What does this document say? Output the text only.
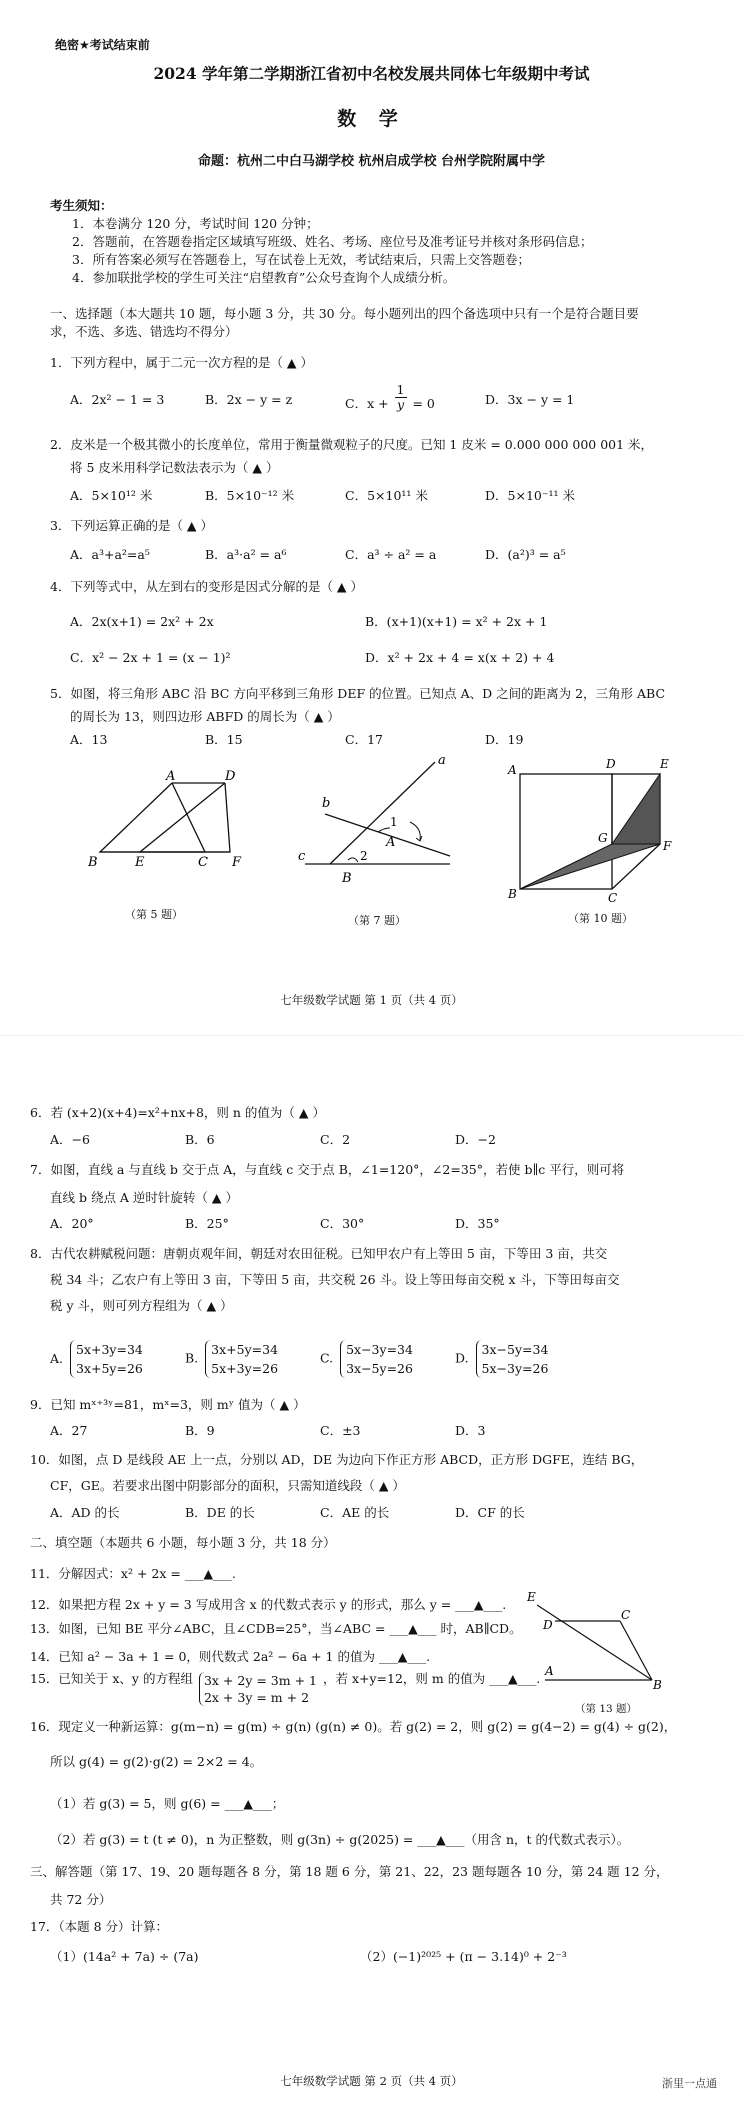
绝密★考试结束前
2024 学年第二学期浙江省初中名校发展共同体七年级期中考试
数 学
命题：杭州二中白马湖学校 杭州启成学校 台州学院附属中学
考生须知：
1．本卷满分 120 分，考试时间 120 分钟；
2．答题前，在答题卷指定区域填写班级、姓名、考场、座位号及准考证号并核对条形码信息；
3．所有答案必须写在答题卷上，写在试卷上无效，考试结束后，只需上交答题卷；
4．参加联批学校的学生可关注“启望教育”公众号查询个人成绩分析。
一、选择题（本大题共 10 题，每小题 3 分，共 30 分。每小题列出的四个备选项中只有一个是符合题目要
求，不选、多选、错选均不得分）
1．下列方程中，属于二元一次方程的是（ ▲ ）
A．2x² − 1 = 3	B．2x − y = z	C．$x + \frac{1}{y} = 0$	D．3x − y = 1
2．皮米是一个极其微小的长度单位，常用于衡量微观粒子的尺度。已知 1 皮米 = 0.000 000 000 001 米，
将 5 皮米用科学记数法表示为（ ▲ ）
A．5×10¹² 米	B．5×10⁻¹² 米	C．5×10¹¹ 米	D．5×10⁻¹¹ 米
3．下列运算正确的是（ ▲ ）
A．a³+a²=a⁵	B．a³·a² = a⁶	C．a³ ÷ a² = a	D．(a²)³ = a⁵
4．下列等式中，从左到右的变形是因式分解的是（ ▲ ）
A．2x(x+1) = 2x² + 2x	B．(x+1)(x+1) = x² + 2x + 1
C．x² − 2x + 1 = (x − 1)²	D．x² + 2x + 4 = x(x + 2) + 4
5．如图，将三角形 ABC 沿 BC 方向平移到三角形 DEF 的位置。已知点 A、D 之间的距离为 2，三角形 ABC
的周长为 13，则四边形 ABFD 的周长为（ ▲ ）
A．13	B．15	C．17	D．19
A	D
B	E	C F
（第 5 题）
a
b
c
A
B
1
2
（第 7 题）
A	D	E
G
F
B	C
（第 10 题）
七年级数学试题 第 1 页（共 4 页）
6．若 (x+2)(x+4)=x²+nx+8，则 n 的值为（ ▲ ）
A．−6	B．6	C．2	D．−2
7．如图，直线 a 与直线 b 交于点 A，与直线 c 交于点 B，∠1=120°，∠2=35°，若使 b∥c 平行，则可将
直线 b 绕点 A 逆时针旋转（ ▲ ）
A．20°	B．25°	C．30°	D．35°
8．古代农耕赋税问题：唐朝贞观年间，朝廷对农田征税。已知甲农户有上等田 5 亩，下等田 3 亩，共交
税 34 斗；乙农户有上等田 3 亩，下等田 5 亩，共交税 26 斗。设上等田每亩交税 x 斗，下等田每亩交
税 y 斗，则可列方程组为（ ▲ ）
A.
5x+3y=34
3x+5y=26
B.
3x+5y=34
5x+3y=26
C.
5x−3y=34
3x−5y=26
D.
3x−5y=34
5x−3y=26
9．已知 mˣ⁺³ʸ=81，mˣ=3，则 mʸ 值为（ ▲ ）
A．27	B．9	C．±3	D．3
10．如图，点 D 是线段 AE 上一点，分别以 AD，DE 为边向下作正方形 ABCD，正方形 DGFE，连结 BG，
CF，GE。若要求出图中阴影部分的面积，只需知道线段（ ▲ ）
A．AD 的长	B．DE 的长	C．AE 的长	D．CF 的长
二、填空题（本题共 6 小题，每小题 3 分，共 18 分）
11．分解因式：x² + 2x = ___▲___.
12．如果把方程 2x + y = 3 写成用含 x 的代数式表示 y 的形式，那么 y = ___▲___.
13．如图，已知 BE 平分∠ABC，且∠CDB=25°，当∠ABC = ___▲___ 时，AB∥CD。
14．已知 a² − 3a + 1 = 0，则代数式 2a² − 6a + 1 的值为 ___▲___.
15．已知关于 x、y 的方程组 3x + 2y = 3m + 1
2x + 3y = m + 2
，若 x+y=12，则 m 的值为 ___▲___.
E
D
C
A
B
（第 13 题）
16．现定义一种新运算：g(m−n) = g(m) ÷ g(n) (g(n) ≠ 0)。若 g(2) = 2，则 g(2) = g(4−2) = g(4) ÷ g(2)，
所以 g(4) = g(2)·g(2) = 2×2 = 4。
（1）若 g(3) = 5，则 g(6) = ___▲___；
（2）若 g(3) = t (t ≠ 0)，n 为正整数，则 g(3n) ÷ g(2025) = ___▲___（用含 n，t 的代数式表示）。
三、解答题（第 17、19、20 题每题各 8 分，第 18 题 6 分，第 21、22，23 题每题各 10 分，第 24 题 12 分，
共 72 分）
17．（本题 8 分）计算：
（1）(14a² + 7a) ÷ (7a)	（2）(−1)²⁰²⁵ + (π − 3.14)⁰ + 2⁻³
七年级数学试题 第 2 页（共 4 页）	浙里一点通
